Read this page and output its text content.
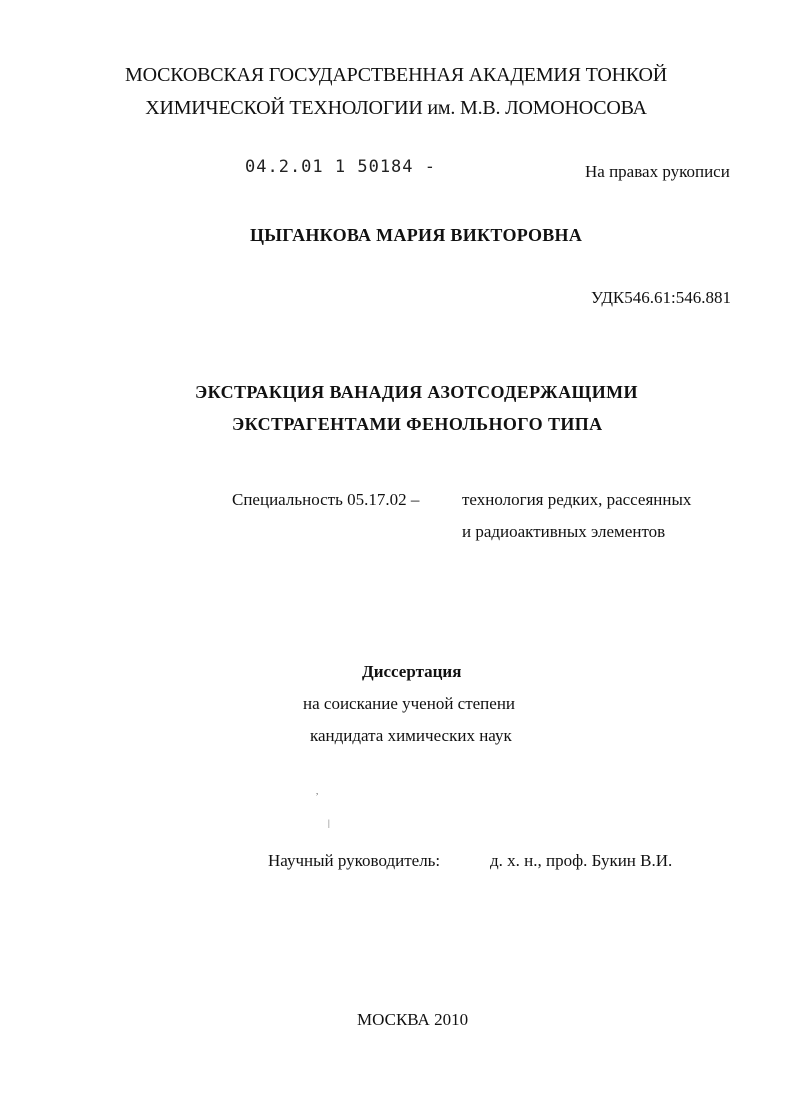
МОСКОВСКАЯ ГОСУДАРСТВЕННАЯ АКАДЕМИЯ ТОНКОЙ
ХИМИЧЕСКОЙ ТЕХНОЛОГИИ им. М.В. ЛОМОНОСОВА
04.2.01 1 50184 -	На правах рукописи
ЦЫГАНКОВА МАРИЯ ВИКТОРОВНА
УДК546.61:546.881
ЭКСТРАКЦИЯ ВАНАДИЯ АЗОТСОДЕРЖАЩИМИ
ЭКСТРАГЕНТАМИ ФЕНОЛЬНОГО ТИПА
Специальность 05.17.02 –	технология редких, рассеянных
и радиоактивных элементов
Диссертация
на соискание ученой степени
кандидата химических наук
,
|
Научный руководитель:	д. х. н., проф. Букин В.И.
МОСКВА 2010
